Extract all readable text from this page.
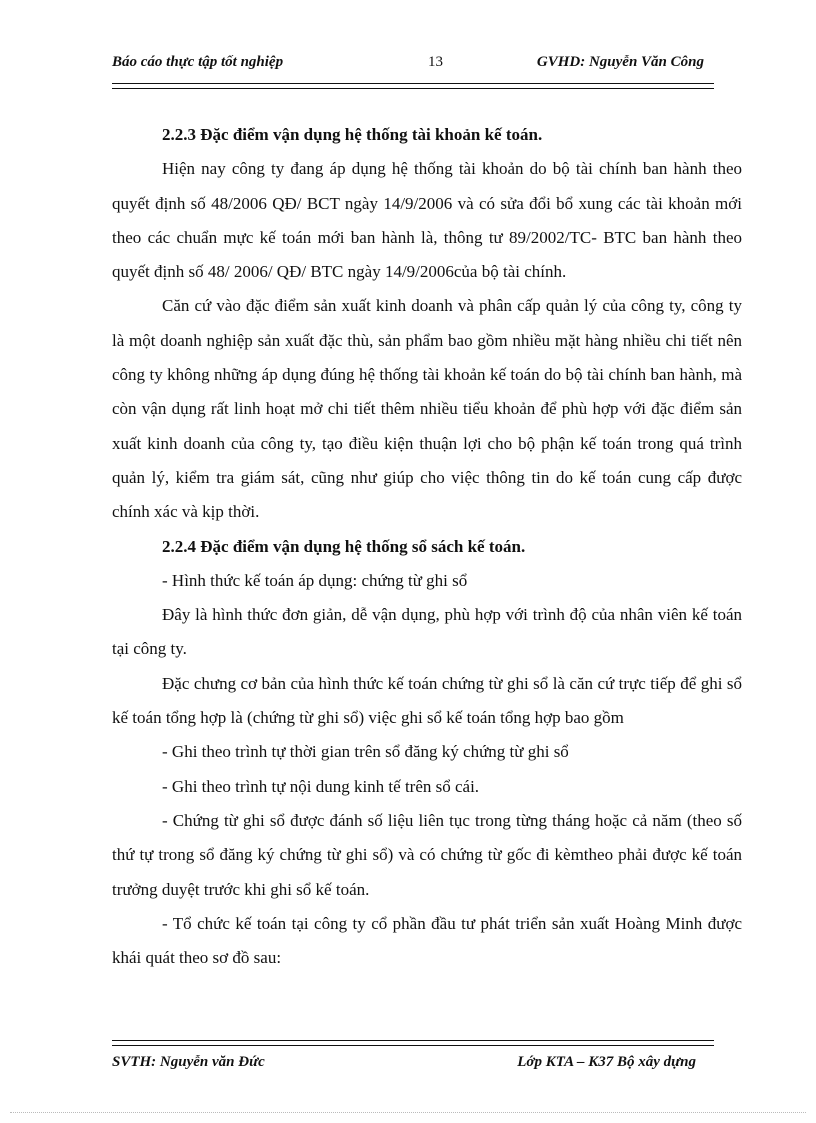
Báo cáo thực tập tốt nghiệp	13	GVHD: Nguyễn Văn Công

2.2.3 Đặc điểm vận dụng hệ thống tài khoản kế toán.

Hiện nay công ty đang áp dụng hệ thống tài khoản do bộ tài chính ban hành theo quyết định số 48/2006 QĐ/ BCT ngày 14/9/2006 và có sửa đổi bổ xung các tài khoản mới theo các chuẩn mực kế toán mới ban hành là, thông tư 89/2002/TC- BTC ban hành theo quyết định số 48/ 2006/ QĐ/ BTC ngày 14/9/2006của bộ tài chính.

Căn cứ vào đặc điểm sản xuất kinh doanh và phân cấp quản lý của công ty, công ty là một doanh nghiệp sản xuất đặc thù, sản phẩm bao gồm nhiều mặt hàng nhiều chi tiết nên công ty không những áp dụng đúng hệ thống tài khoản kế toán do bộ tài chính ban hành, mà còn vận dụng rất linh hoạt mở chi tiết thêm nhiều tiểu khoản để phù hợp với đặc điểm sản xuất kinh doanh của công ty, tạo điều kiện thuận lợi cho bộ phận kế toán trong quá trình quản lý, kiểm tra giám sát, cũng như giúp cho việc thông tin do kế toán cung cấp được chính xác và kịp thời.

2.2.4 Đặc điểm vận dụng hệ thống sổ sách kế toán.

- Hình thức kế toán áp dụng: chứng từ ghi sổ

Đây là hình thức đơn giản, dễ vận dụng, phù hợp với trình độ của nhân viên kế toán tại công ty.

Đặc chưng cơ bản của hình thức kế toán chứng từ ghi sổ là căn cứ trực tiếp để ghi sổ kế toán tổng hợp là (chứng từ ghi sổ) việc ghi sổ kế toán tổng hợp bao gồm

- Ghi theo trình tự thời gian trên sổ đăng ký chứng từ ghi sổ

- Ghi theo trình tự nội dung kinh tế trên sổ cái.

- Chứng từ ghi sổ được đánh số liệu liên tục trong từng tháng hoặc cả năm (theo số thứ tự trong sổ đăng ký chứng từ ghi sổ) và có chứng từ gốc đi kèmtheo phải được kế toán trưởng duyệt trước khi ghi sổ kế toán.

- Tổ chức kế toán tại công ty cổ phần đầu tư phát triển sản xuất Hoàng Minh được khái quát theo sơ đồ sau:

SVTH: Nguyễn văn Đức	Lớp KTA – K37 Bộ xây dựng
